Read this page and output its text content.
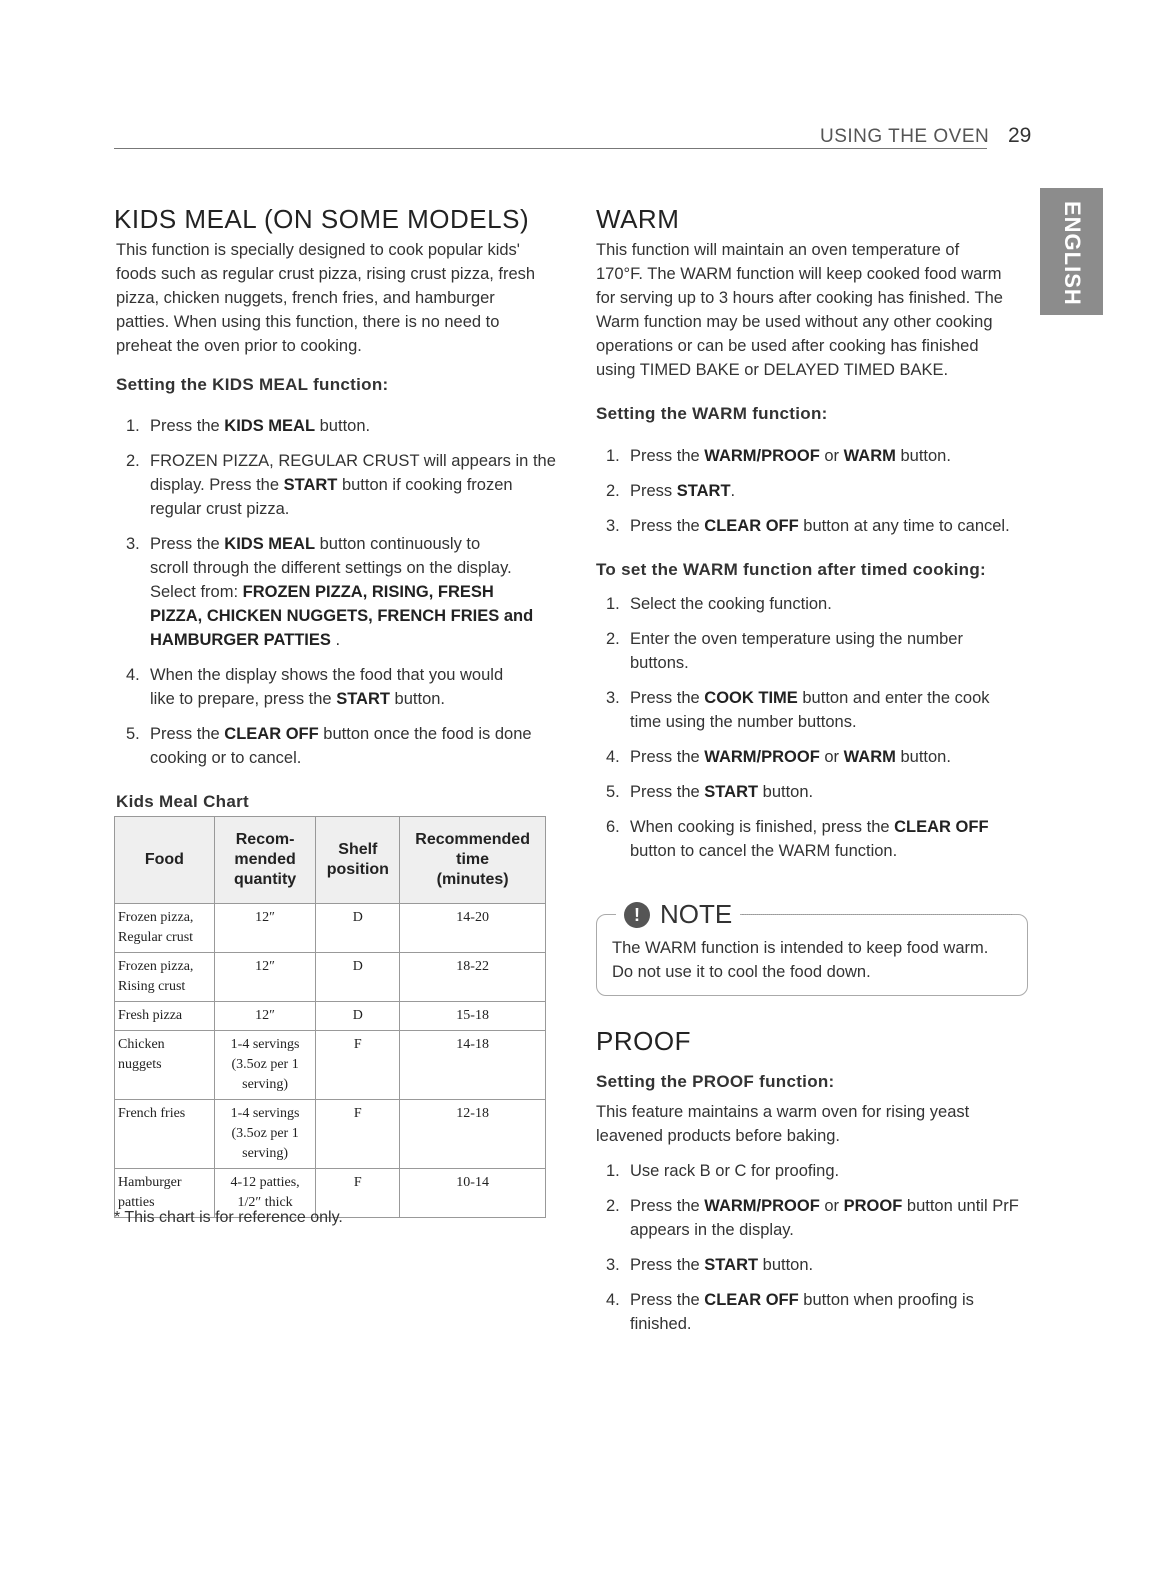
USING THE OVEN 29
ENGLISH
KIDS MEAL (ON SOME MODELS)
This function is specially designed to cook popular kids'
foods such as regular crust pizza, rising crust pizza, fresh
pizza, chicken nuggets, french fries, and hamburger
patties. When using this function, there is no need to
preheat the oven prior to cooking.
Setting the KIDS MEAL function:
1. Press the KIDS MEAL button.
2. FROZEN PIZZA, REGULAR CRUST will appears in the
display. Press the START button if cooking frozen
regular crust pizza.
3. Press the KIDS MEAL button continuously to
scroll through the different settings on the display.
Select from: FROZEN PIZZA, RISING, FRESH
PIZZA, CHICKEN NUGGETS, FRENCH FRIES and
HAMBURGER PATTIES .
4. When the display shows the food that you would
like to prepare, press the START button.
5. Press the CLEAR OFF button once the food is done
cooking or to cancel.
Kids Meal Chart
Food	Recom-
mended
quantity	Shelf
position	Recommended
time
(minutes)
Frozen pizza,
Regular crust	12″	D	14-20
Frozen pizza,
Rising crust	12″	D	18-22
Fresh pizza	12″	D	15-18
Chicken
nuggets	1-4 servings
(3.5oz per 1
serving)	F	14-18
French fries	1-4 servings
(3.5oz per 1
serving)	F	12-18
Hamburger
patties	4-12 patties,
1/2″ thick	F	10-14
* This chart is for reference only.
WARM
This function will maintain an oven temperature of
170°F. The WARM function will keep cooked food warm
for serving up to 3 hours after cooking has finished. The
Warm function may be used without any other cooking
operations or can be used after cooking has finished
using TIMED BAKE or DELAYED TIMED BAKE.
Setting the WARM function:
1. Press the WARM/PROOF or WARM button.
2. Press START.
3. Press the CLEAR OFF button at any time to cancel.
To set the WARM function after timed cooking:
1. Select the cooking function.
2. Enter the oven temperature using the number
buttons.
3. Press the COOK TIME button and enter the cook
time using the number buttons.
4. Press the WARM/PROOF or WARM button.
5. Press the START button.
6. When cooking is finished, press the CLEAR OFF
button to cancel the WARM function.
! NOTE
The WARM function is intended to keep food warm.
Do not use it to cool the food down.
PROOF
Setting the PROOF function:
This feature maintains a warm oven for rising yeast
leavened products before baking.
1. Use rack B or C for proofing.
2. Press the WARM/PROOF or PROOF button until PrF
appears in the display.
3. Press the START button.
4. Press the CLEAR OFF button when proofing is
finished.
